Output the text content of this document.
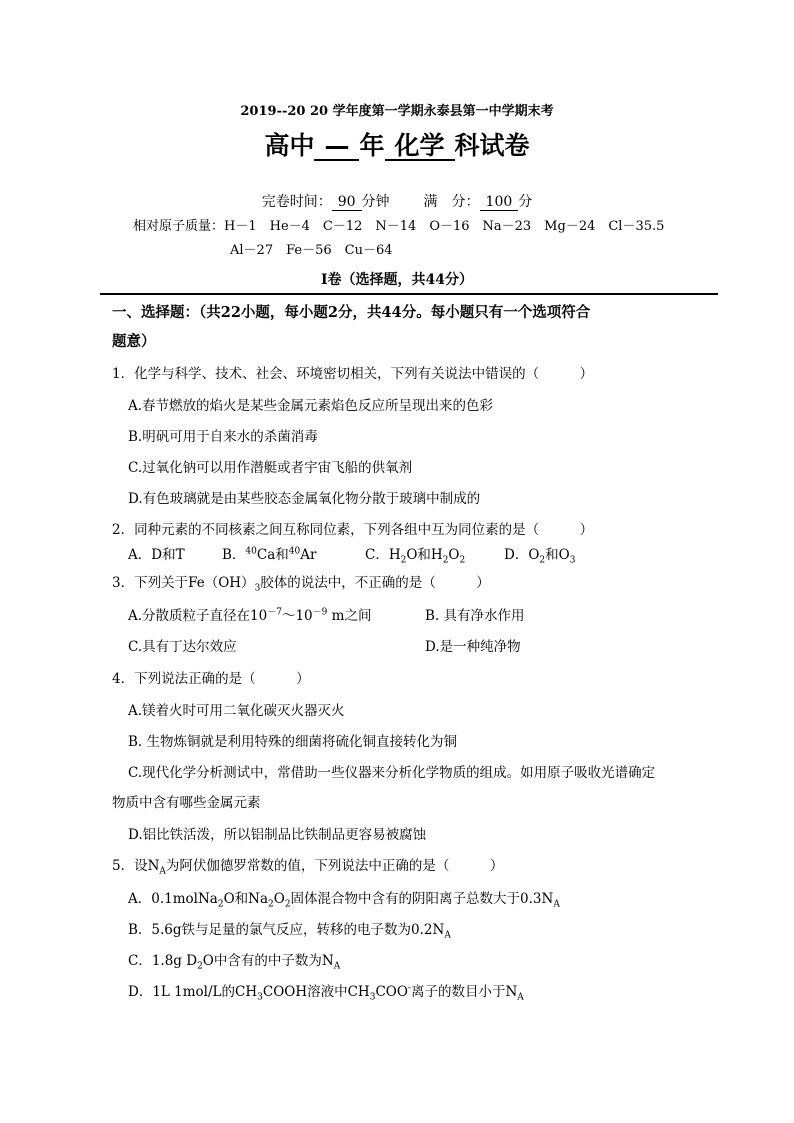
2019--20 20 学年度第一学期永泰县第一中学期末考
高中 — 年 化学 科试卷
完卷时间： 90 分钟 满　分： 100 分
相对原子质量：H－1　He－4　C－12　N－14　O－16　Na－23　Mg－24　Cl－35.5
Al－27　Fe－56　Cu－64
I卷（选择题，共44分）
一、选择题：（共22小题，每小题2分，共44分。每小题只有一个选项符合
题意）
1．化学与科学、技术、社会、环境密切相关，下列有关说法中错误的（　　　）
A.春节燃放的焰火是某些金属元素焰色反应所呈现出来的色彩
B.明矾可用于自来水的杀菌消毒
C.过氧化钠可以用作潜艇或者宇宙飞船的供氧剂
D.有色玻璃就是由某些胶态金属氧化物分散于玻璃中制成的
2．同种元素的不同核素之间互称同位素，下列各组中互为同位素的是（　　　）
A．D和T	B．$^{40}$Ca和$^{40}$Ar	C．$H_2O$和$H_2O_2$	D．$O_2$和$O_3$
3．下列关于$Fe(OH)_3$胶体的说法中，不正确的是（　　　）
A.分散质粒子直径在$10^{-7}\sim 10^{-9}$ m之间	B. 具有净水作用
C.具有丁达尔效应	D.是一种纯净物
4．下列说法正确的是（　　　）
A.镁着火时可用二氧化碳灭火器灭火
B. 生物炼铜就是利用特殊的细菌将硫化铜直接转化为铜
C.现代化学分析测试中，常借助一些仪器来分析化学物质的组成。如用原子吸收光谱确定
物质中含有哪些金属元素
D.铝比铁活泼，所以铝制品比铁制品更容易被腐蚀
5．设$N_A$为阿伏伽德罗常数的值，下列说法中正确的是（　　　）
A．0.1molNa$_2$O和$Na_2O_2$固体混合物中含有的阴阳离子总数大于$0.3N_A$
B．5.6g铁与足量的氯气反应，转移的电子数为$0.2N_A$
C．1.8g $D_2O$中含有的中子数为$N_A$
D．1L 1mol/L的$CH_3COOH$溶液中$CH_3COO^-$离子的数目小于$N_A$
